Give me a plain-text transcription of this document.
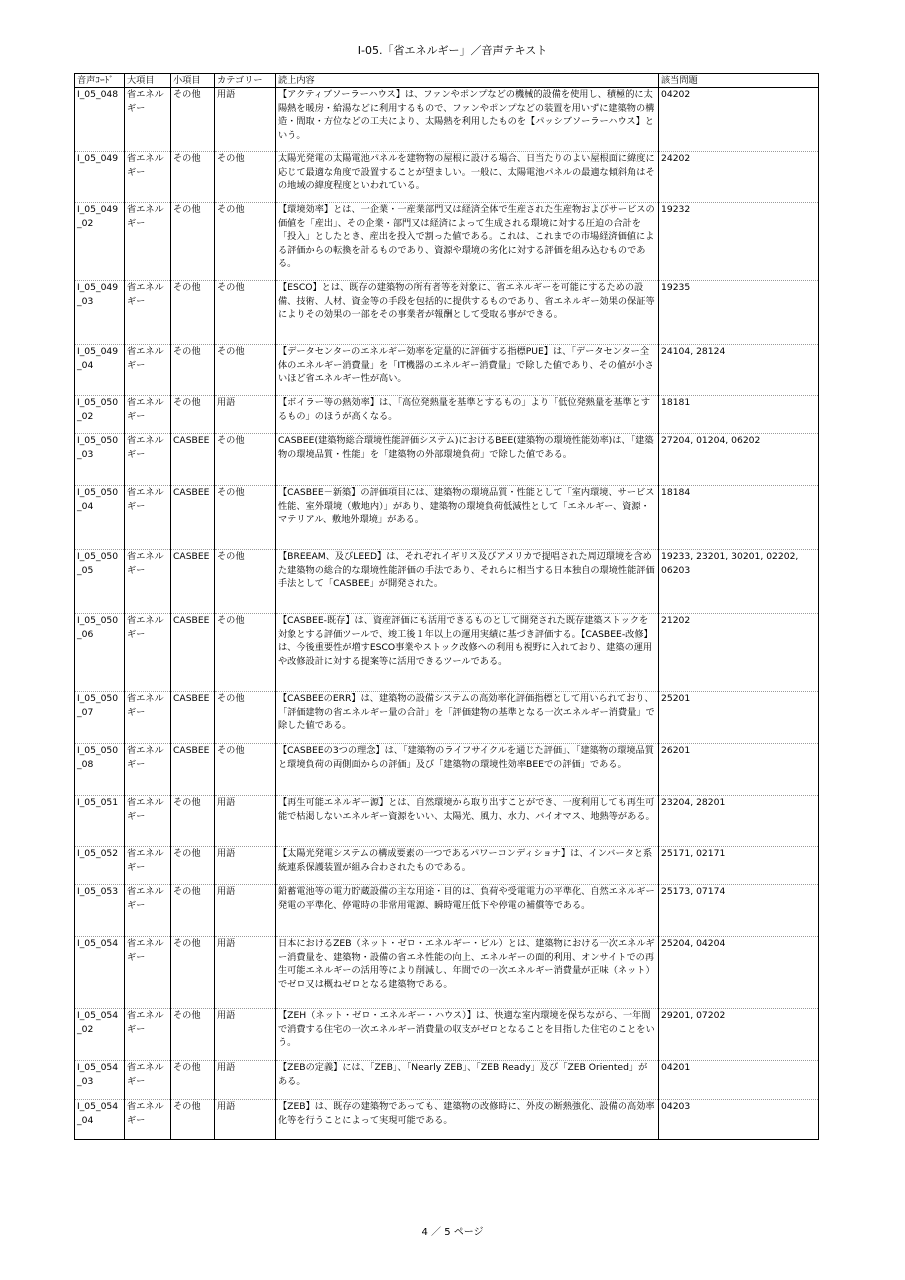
I-05.「省エネルギー」／音声テキスト
音声ｺｰﾄﾞ	大項目	小項目	カテゴリー	読上内容	該当問題
I_05_048	省エネルギー	その他	用語	【アクティブソーラーハウス】は、ファンやポンプなどの機械的設備を使用し、積極的に太陽熱を暖房・給湯などに利用するもので、ファンやポンプなどの装置を用いずに建築物の構造・間取・方位などの工夫により、太陽熱を利用したものを【パッシブソーラーハウス】という。	04202
I_05_049	省エネルギー	その他	その他	太陽光発電の太陽電池パネルを建物物の屋根に設ける場合、日当たりのよい屋根面に緯度に応じて最適な角度で設置することが望ましい。一般に、太陽電池パネルの最適な傾斜角はその地域の緯度程度といわれている。	24202
I_05_049_02	省エネルギー	その他	その他	【環境効率】とは、一企業・一産業部門又は経済全体で生産された生産物およびサービスの価値を「産出」、その企業・部門又は経済によって生成される環境に対する圧迫の合計を「投入」としたとき、産出を投入で割った値である。これは、これまでの市場経済価値による評価からの転換を計るものであり、資源や環境の劣化に対する評価を組み込むものである。	19232
I_05_049_03	省エネルギー	その他	その他	【ESCO】とは、既存の建築物の所有者等を対象に、省エネルギーを可能にするための設備、技術、人材、資金等の手段を包括的に提供するものであり、省エネルギー効果の保証等によりその効果の一部をその事業者が報酬として受取る事ができる。	19235
I_05_049_04	省エネルギー	その他	その他	【データセンターのエネルギー効率を定量的に評価する指標PUE】は、「データセンター全体のエネルギー消費量」を「IT機器のエネルギー消費量」で除した値であり、その値が小さいほど省エネルギー性が高い。	24104, 28124
I_05_050_02	省エネルギー	その他	用語	【ボイラー等の熱効率】は、「高位発熱量を基準とするもの」より「低位発熱量を基準とするもの」のほうが高くなる。	18181
I_05_050_03	省エネルギー	CASBEE	その他	CASBEE(建築物総合環境性能評価システム)におけるBEE(建築物の環境性能効率)は、「建築物の環境品質・性能」を「建築物の外部環境負荷」で除した値である。	27204, 01204, 06202
I_05_050_04	省エネルギー	CASBEE	その他	【CASBEE－新築】の評価項目には、建築物の環境品質・性能として「室内環境、サービス性能、室外環境（敷地内）」があり、建築物の環境負荷低減性として「エネルギー、資源・マテリアル、敷地外環境」がある。	18184
I_05_050_05	省エネルギー	CASBEE	その他	【BREEAM、及びLEED】は、それぞれイギリス及びアメリカで提唱された周辺環境を含めた建築物の総合的な環境性能評価の手法であり、それらに相当する日本独自の環境性能評価手法として「CASBEE」が開発された。	19233, 23201, 30201, 02202, 06203
I_05_050_06	省エネルギー	CASBEE	その他	【CASBEE-既存】は、資産評価にも活用できるものとして開発された既存建築ストックを対象とする評価ツールで、竣工後１年以上の運用実績に基づき評価する。【CASBEE-改修】は、今後重要性が増すESCO事業やストック改修への利用も視野に入れており、建築の運用や改修設計に対する提案等に活用できるツールである。	21202
I_05_050_07	省エネルギー	CASBEE	その他	【CASBEEのERR】は、建築物の設備システムの高効率化評価指標として用いられており、「評価建物の省エネルギー量の合計」を「評価建物の基準となる一次エネルギー消費量」で除した値である。	25201
I_05_050_08	省エネルギー	CASBEE	その他	【CASBEEの3つの理念】は、「建築物のライフサイクルを通じた評価」、「建築物の環境品質と環境負荷の両側面からの評価」及び「建築物の環境性効率BEEでの評価」である。	26201
I_05_051	省エネルギー	その他	用語	【再生可能エネルギー源】とは、自然環境から取り出すことができ、一度利用しても再生可能で枯渇しないエネルギー資源をいい、太陽光、風力、水力、バイオマス、地熱等がある。	23204, 28201
I_05_052	省エネルギー	その他	用語	【太陽光発電システムの構成要素の一つであるパワーコンディショナ】は、インバータと系統連系保護装置が組み合わされたものである。	25171, 02171
I_05_053	省エネルギー	その他	用語	鉛蓄電池等の電力貯蔵設備の主な用途・目的は、負荷や受電電力の平準化、自然エネルギー発電の平準化、停電時の非常用電源、瞬時電圧低下や停電の補償等である。	25173, 07174
I_05_054	省エネルギー	その他	用語	日本におけるZEB（ネット・ゼロ・エネルギー・ビル）とは、建築物における一次エネルギー消費量を、建築物・設備の省エネ性能の向上、エネルギーの面的利用、オンサイトでの再生可能エネルギーの活用等により削減し、年間での一次エネルギー消費量が正味（ネット）でゼロ又は概ねゼロとなる建築物である。	25204, 04204
I_05_054_02	省エネルギー	その他	用語	【ZEH（ネット・ゼロ・エネルギー・ハウス）】は、快適な室内環境を保ちながら、一年間で消費する住宅の一次エネルギー消費量の収支がゼロとなることを目指した住宅のことをいう。	29201, 07202
I_05_054_03	省エネルギー	その他	用語	【ZEBの定義】には、「ZEB」、「Nearly ZEB」、「ZEB Ready」及び「ZEB Oriented」がある。	04201
I_05_054_04	省エネルギー	その他	用語	【ZEB】は、既存の建築物であっても、建築物の改修時に、外皮の断熱強化、設備の高効率化等を行うことによって実現可能である。	04203
4 ／ 5 ページ
